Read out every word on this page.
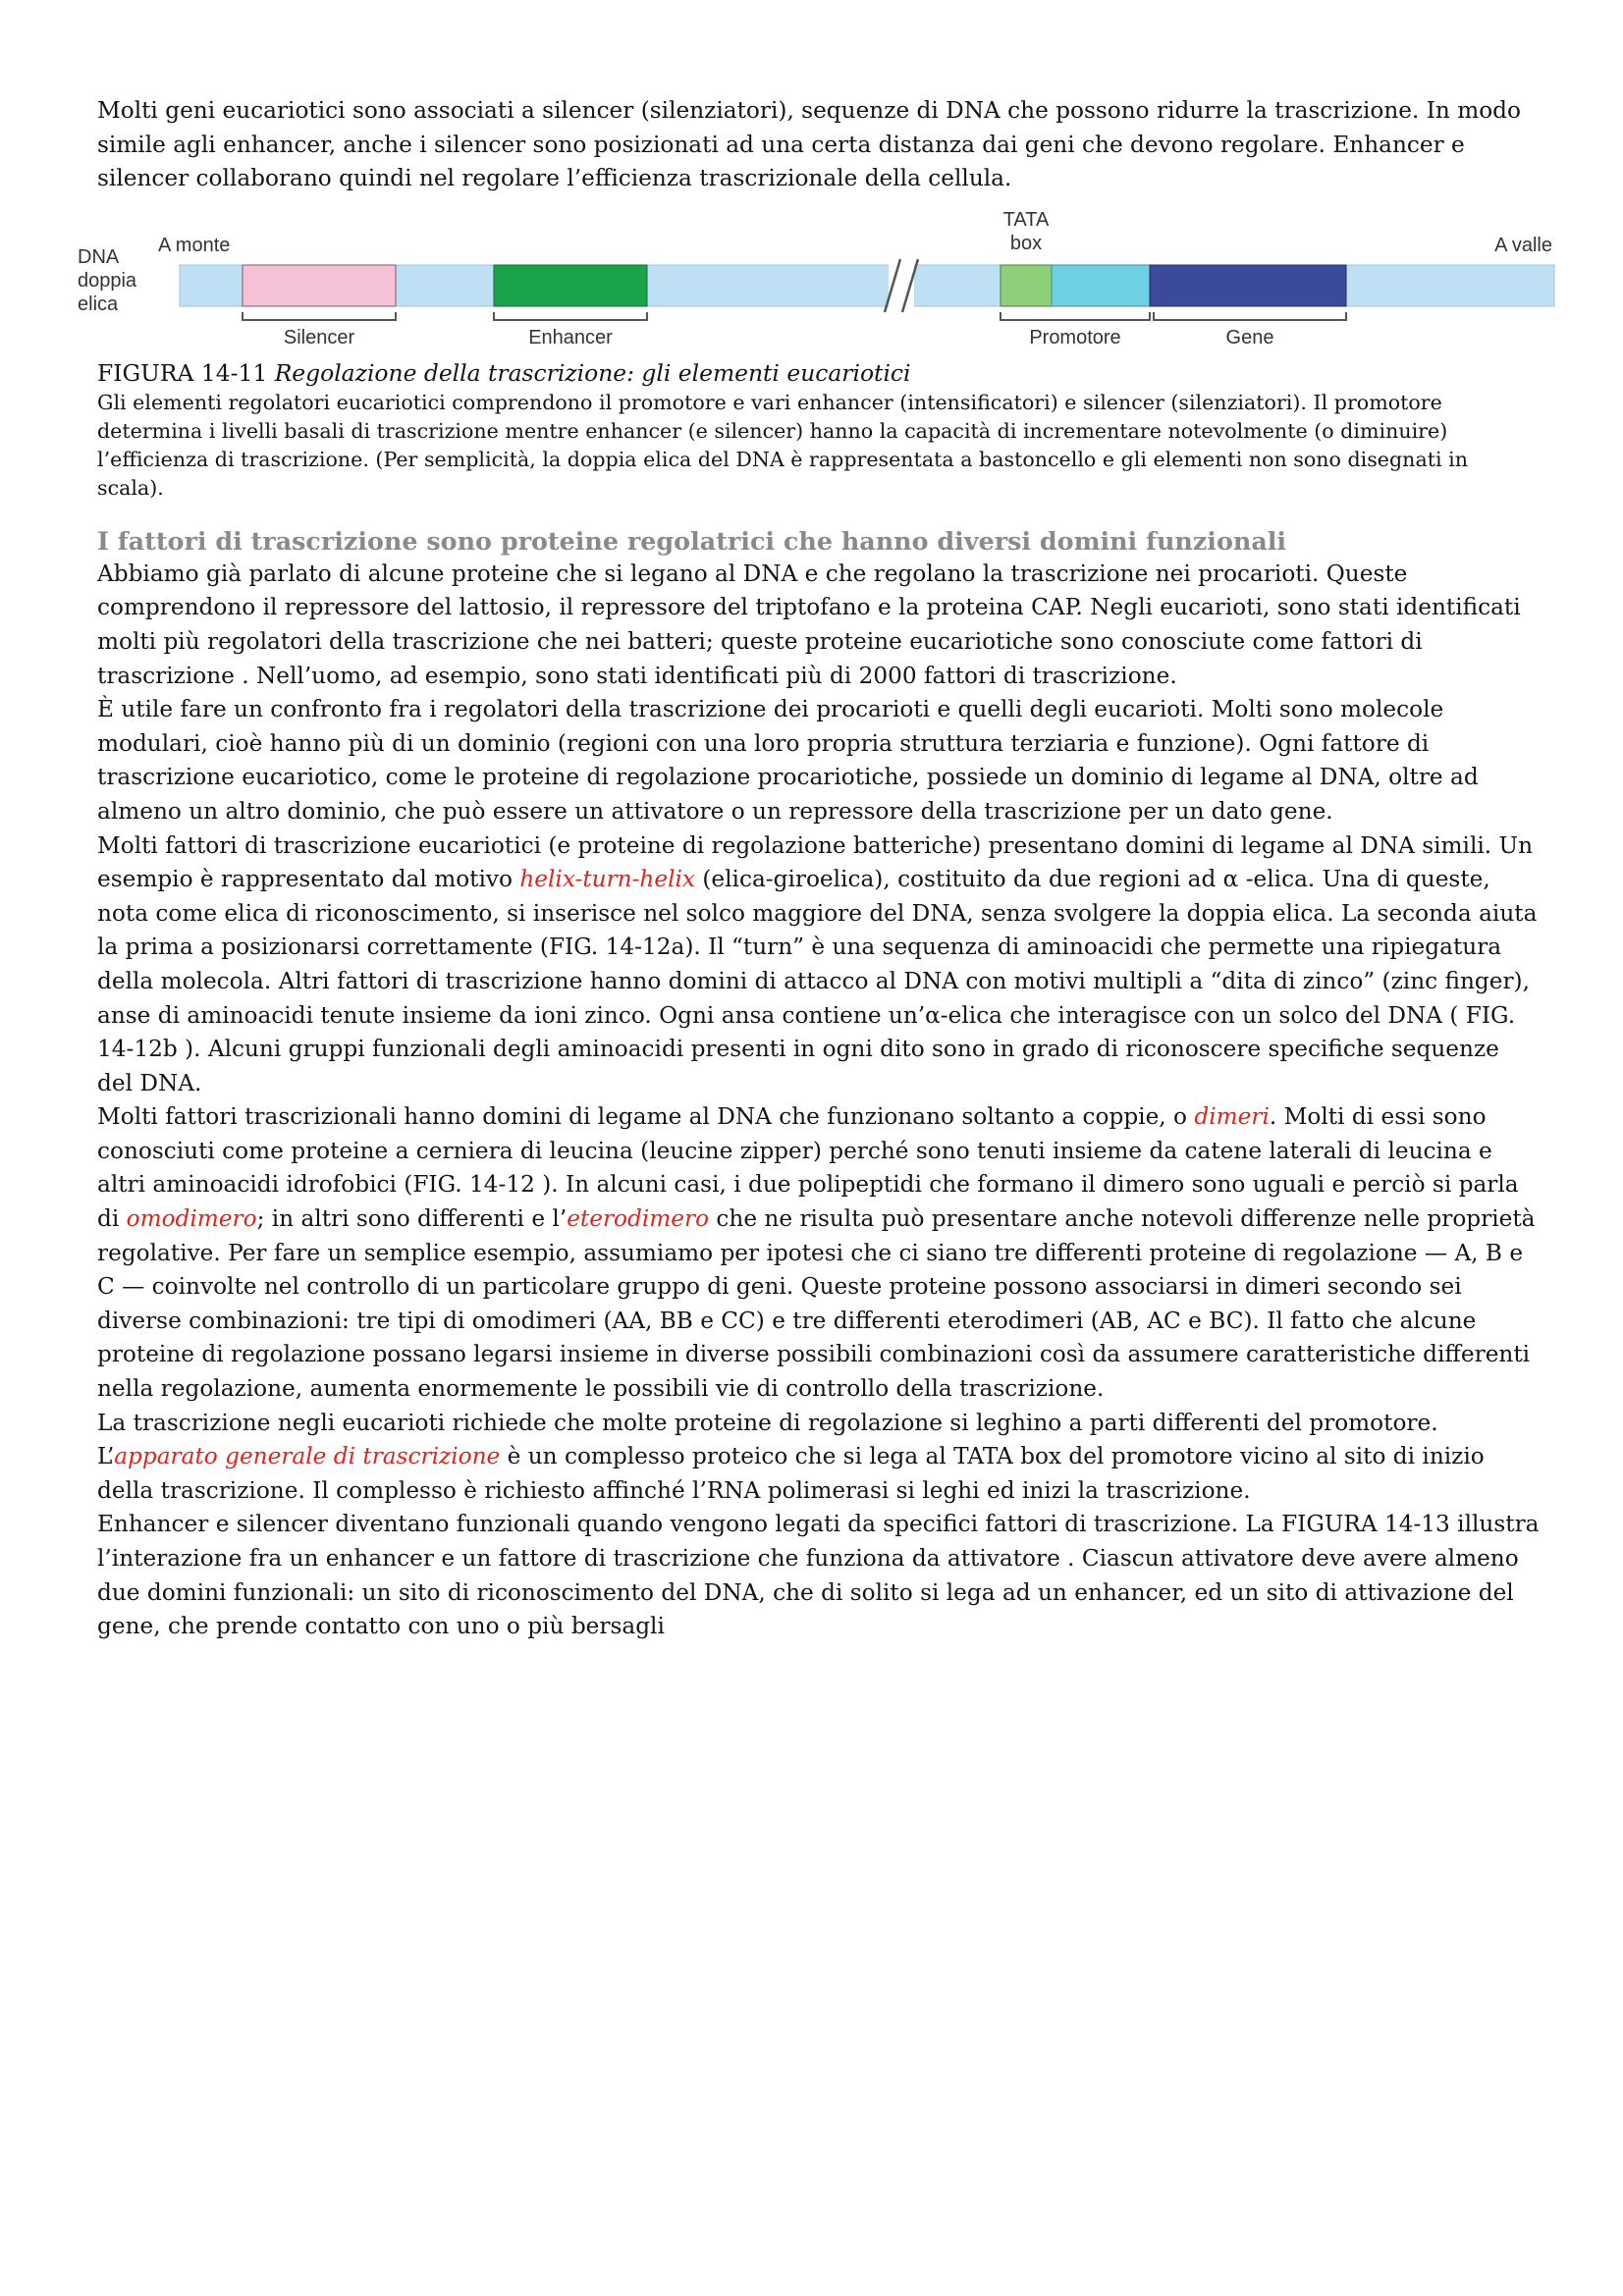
Molti geni eucariotici sono associati a silencer (silenziatori), sequenze di DNA che possono ridurre la trascrizione. In modo simile agli enhancer, anche i silencer sono posizionati ad una certa distanza dai geni che devono regolare. Enhancer e silencer collaborano quindi nel regolare l’efficienza trascrizionale della cellula.

DNA doppia elica
A monte	A valle
TATA box
Silencer	Enhancer	Promotore	Gene

FIGURA 14-11 Regolazione della trascrizione: gli elementi eucariotici

Gli elementi regolatori eucariotici comprendono il promotore e vari enhancer (intensificatori) e silencer (silenziatori). Il promotore determina i livelli basali di trascrizione mentre enhancer (e silencer) hanno la capacità di incrementare notevolmente (o diminuire) l’efficienza di trascrizione. (Per semplicità, la doppia elica del DNA è rappresentata a bastoncello e gli elementi non sono disegnati in scala).

I fattori di trascrizione sono proteine regolatrici che hanno diversi domini funzionali

Abbiamo già parlato di alcune proteine che si legano al DNA e che regolano la trascrizione nei procarioti. Queste comprendono il repressore del lattosio, il repressore del triptofano e la proteina CAP. Negli eucarioti, sono stati identificati molti più regolatori della trascrizione che nei batteri; queste proteine eucariotiche sono conosciute come fattori di trascrizione . Nell’uomo, ad esempio, sono stati identificati più di 2000 fattori di trascrizione.

È utile fare un confronto fra i regolatori della trascrizione dei procarioti e quelli degli eucarioti. Molti sono molecole modulari, cioè hanno più di un dominio (regioni con una loro propria struttura terziaria e funzione). Ogni fattore di trascrizione eucariotico, come le proteine di regolazione procariotiche, possiede un dominio di legame al DNA, oltre ad almeno un altro dominio, che può essere un attivatore o un repressore della trascrizione per un dato gene.

Molti fattori di trascrizione eucariotici (e proteine di regolazione batteriche) presentano domini di legame al DNA simili. Un esempio è rappresentato dal motivo helix-turn-helix (elica-giroelica), costituito da due regioni ad α -elica. Una di queste, nota come elica di riconoscimento, si inserisce nel solco maggiore del DNA, senza svolgere la doppia elica. La seconda aiuta la prima a posizionarsi correttamente (FIG. 14-12a). Il “turn” è una sequenza di aminoacidi che permette una ripiegatura della molecola. Altri fattori di trascrizione hanno domini di attacco al DNA con motivi multipli a “dita di zinco” (zinc finger), anse di aminoacidi tenute insieme da ioni zinco. Ogni ansa contiene un’α-elica che interagisce con un solco del DNA ( FIG. 14-12b ). Alcuni gruppi funzionali degli aminoacidi presenti in ogni dito sono in grado di riconoscere specifiche sequenze del DNA.

Molti fattori trascrizionali hanno domini di legame al DNA che funzionano soltanto a coppie, o dimeri. Molti di essi sono conosciuti come proteine a cerniera di leucina (leucine zipper) perché sono tenuti insieme da catene laterali di leucina e altri aminoacidi idrofobici (FIG. 14-12 ). In alcuni casi, i due polipeptidi che formano il dimero sono uguali e perciò si parla di omodimero; in altri sono differenti e l’eterodimero che ne risulta può presentare anche notevoli differenze nelle proprietà regolative. Per fare un semplice esempio, assumiamo per ipotesi che ci siano tre differenti proteine di regolazione — A, B e C — coinvolte nel controllo di un particolare gruppo di geni. Queste proteine possono associarsi in dimeri secondo sei diverse combinazioni: tre tipi di omodimeri (AA, BB e CC) e tre differenti eterodimeri (AB, AC e BC). Il fatto che alcune proteine di regolazione possano legarsi insieme in diverse possibili combinazioni così da assumere caratteristiche differenti nella regolazione, aumenta enormemente le possibili vie di controllo della trascrizione.

La trascrizione negli eucarioti richiede che molte proteine di regolazione si leghino a parti differenti del promotore. L’apparato generale di trascrizione è un complesso proteico che si lega al TATA box del promotore vicino al sito di inizio della trascrizione. Il complesso è richiesto affinché l’RNA polimerasi si leghi ed inizi la trascrizione.

Enhancer e silencer diventano funzionali quando vengono legati da specifici fattori di trascrizione. La FIGURA 14-13 illustra l’interazione fra un enhancer e un fattore di trascrizione che funziona da attivatore . Ciascun attivatore deve avere almeno due domini funzionali: un sito di riconoscimento del DNA, che di solito si lega ad un enhancer, ed un sito di attivazione del gene, che prende contatto con uno o più bersagli
